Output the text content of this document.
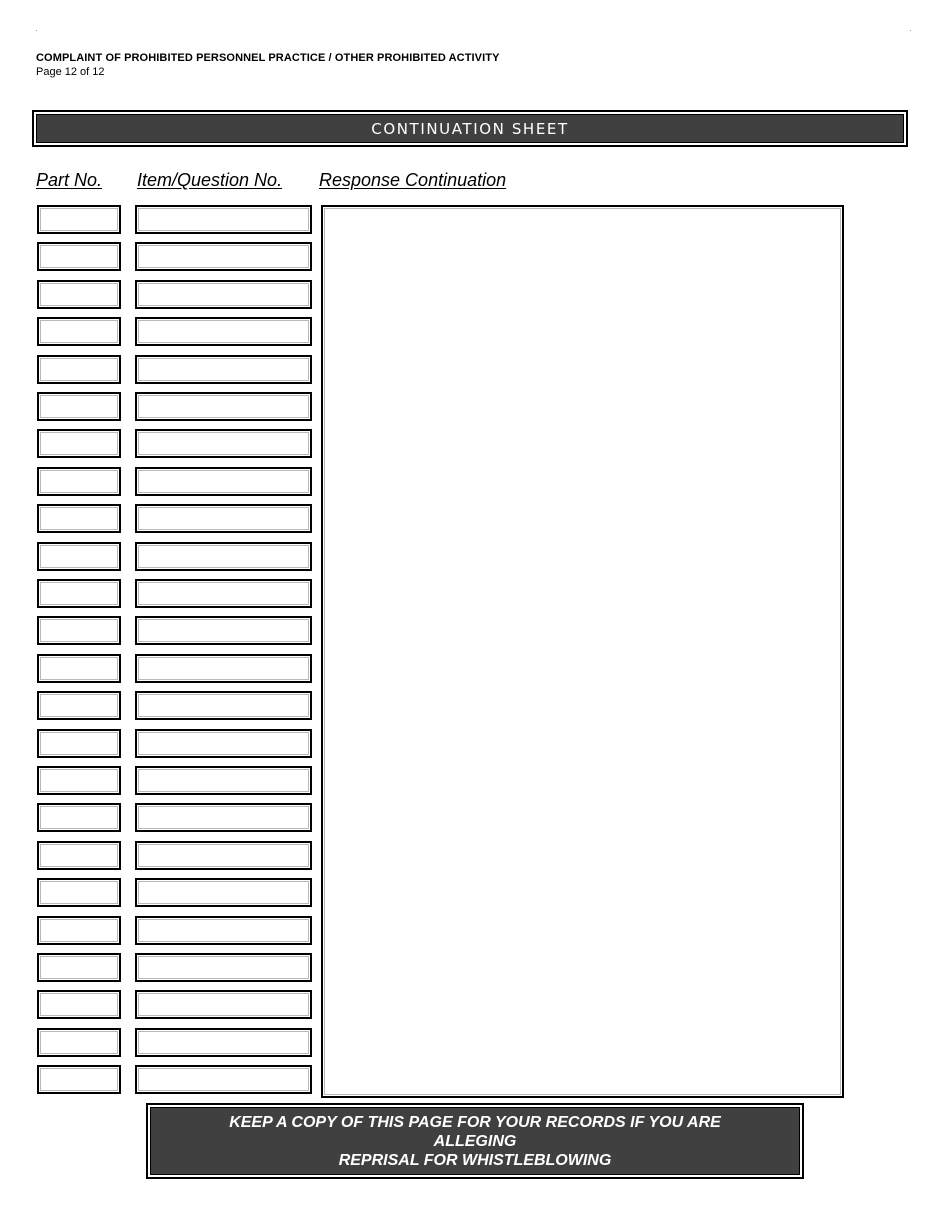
COMPLAINT OF PROHIBITED PERSONNEL PRACTICE / OTHER PROHIBITED ACTIVITY
Page 12 of 12
CONTINUATION SHEET
Part No. Item/Question No. Response Continuation
KEEP A COPY OF THIS PAGE FOR YOUR RECORDS IF YOU ARE
ALLEGING
REPRISAL FOR WHISTLEBLOWING
